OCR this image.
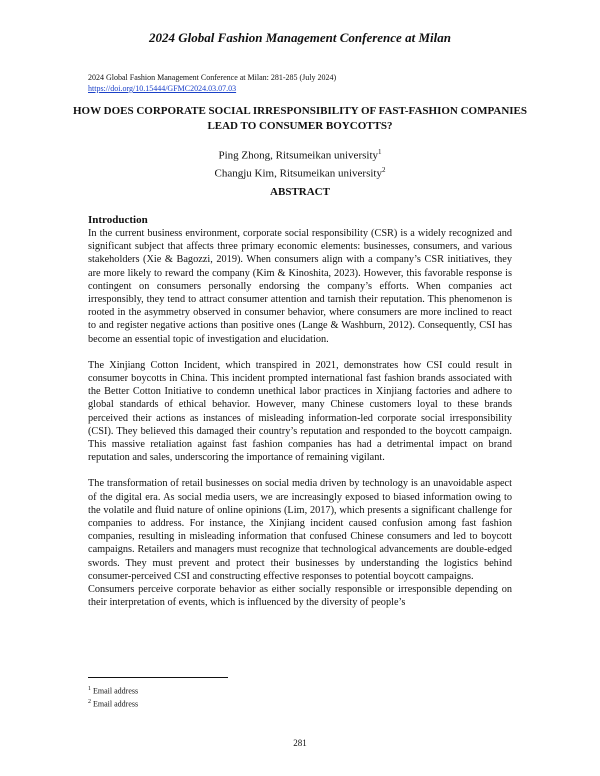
2024 Global Fashion Management Conference at Milan
2024 Global Fashion Management Conference at Milan: 281-285 (July 2024)
https://doi.org/10.15444/GFMC2024.03.07.03
HOW DOES CORPORATE SOCIAL IRRESPONSIBILITY OF FAST-FASHION COMPANIES LEAD TO CONSUMER BOYCOTTS?
Ping Zhong, Ritsumeikan university$^1$
Changju Kim, Ritsumeikan university$^2$
ABSTRACT
Introduction

In the current business environment, corporate social responsibility (CSR) is a widely recognized and significant subject that affects three primary economic elements: businesses, consumers, and various stakeholders (Xie & Bagozzi, 2019). When consumers align with a company’s CSR initiatives, they are more likely to reward the company (Kim & Kinoshita, 2023). However, this favorable response is contingent on consumers personally endorsing the company’s efforts. When companies act irresponsibly, they tend to attract consumer attention and tarnish their reputation. This phenomenon is rooted in the asymmetry observed in consumer behavior, where consumers are more inclined to react to and register negative actions than positive ones (Lange & Washburn, 2012). Consequently, CSI has become an essential topic of investigation and elucidation.

The Xinjiang Cotton Incident, which transpired in 2021, demonstrates how CSI could result in consumer boycotts in China. This incident prompted international fast fashion brands associated with the Better Cotton Initiative to condemn unethical labor practices in Xinjiang factories and adhere to global standards of ethical behavior. However, many Chinese customers loyal to these brands perceived their actions as instances of misleading information-led corporate social irresponsibility (CSI). They believed this damaged their country’s reputation and responded to the boycott campaign. This massive retaliation against fast fashion companies has had a detrimental impact on brand reputation and sales, underscoring the importance of remaining vigilant.

The transformation of retail businesses on social media driven by technology is an unavoidable aspect of the digital era. As social media users, we are increasingly exposed to biased information owing to the volatile and fluid nature of online opinions (Lim, 2017), which presents a significant challenge for companies to address. For instance, the Xinjiang incident caused confusion among fast fashion companies, resulting in misleading information that confused Chinese consumers and led to boycott campaigns. Retailers and managers must recognize that technological advancements are double-edged swords. They must prevent and protect their businesses by understanding the logistics behind consumer-perceived CSI and constructing effective responses to potential boycott campaigns.

Consumers perceive corporate behavior as either socially responsible or irresponsible depending on their interpretation of events, which is influenced by the diversity of people’s

$^1$ Email address
$^2$ Email address
281
